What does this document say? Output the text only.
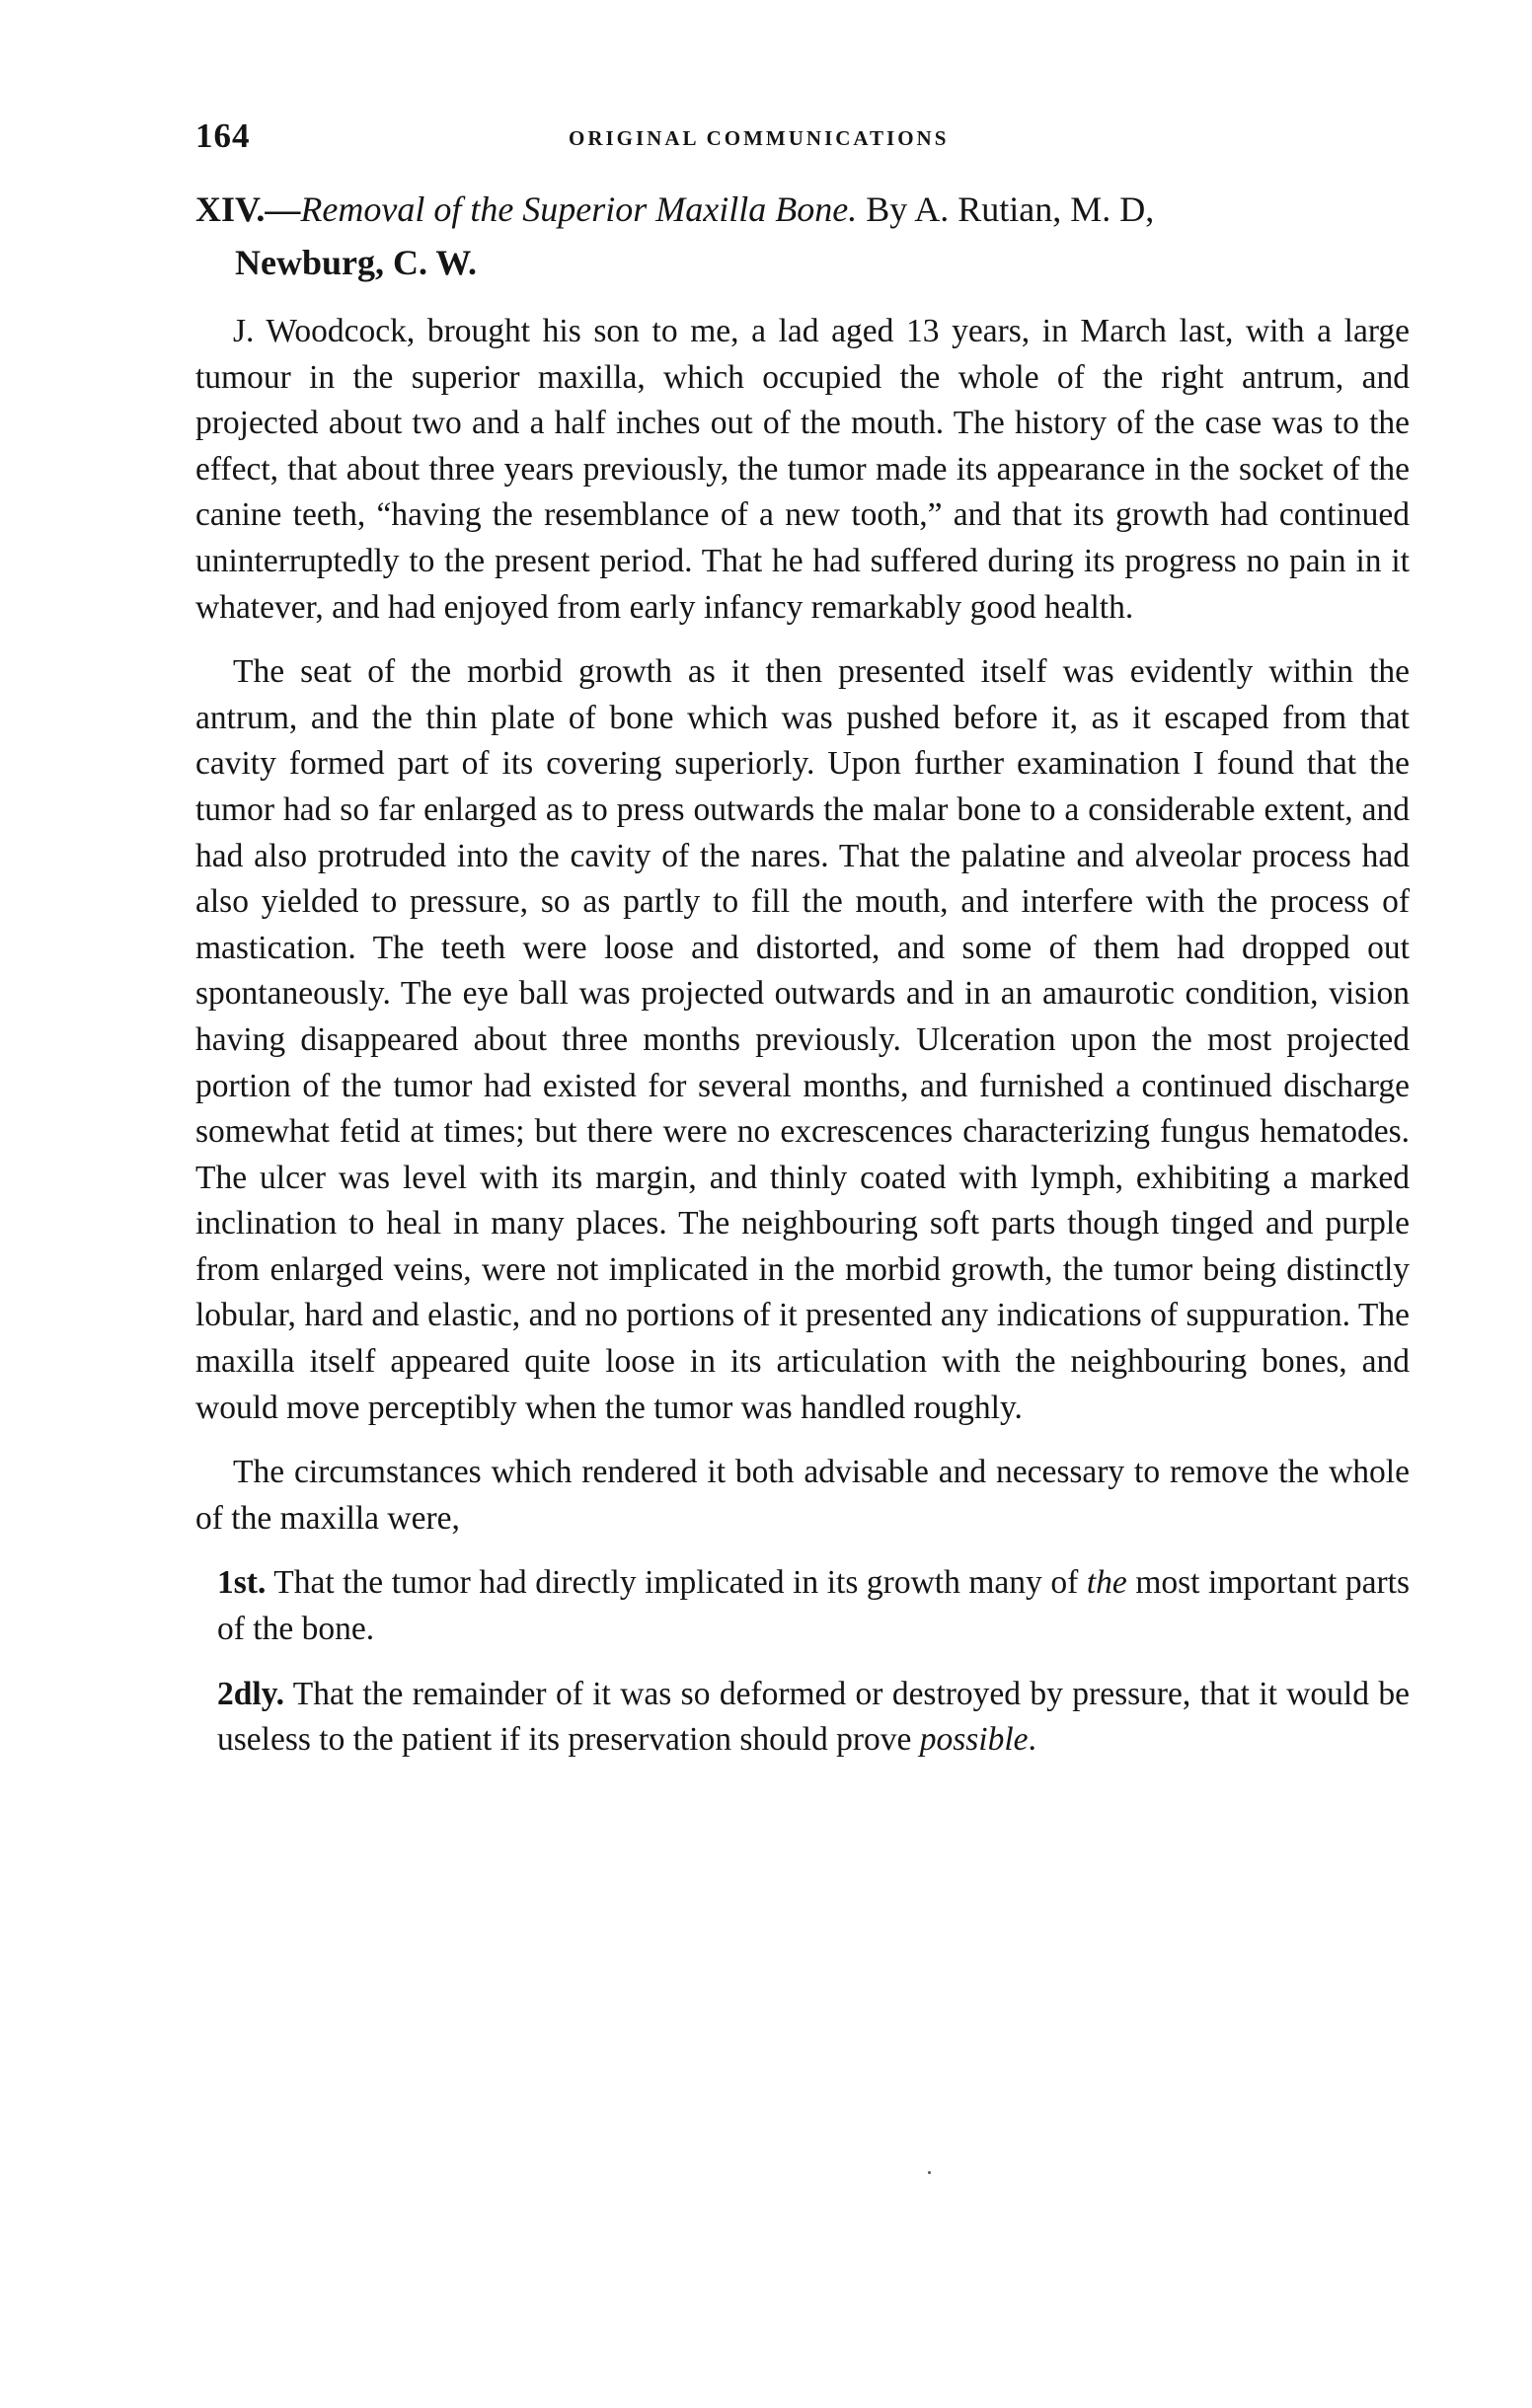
164	ORIGINAL COMMUNICATIONS
XIV.—Removal of the Superior Maxilla Bone. By A. Rutian, M. D,
Newburg, C. W.

J. Woodcock, brought his son to me, a lad aged 13 years, in March last, with a large tumour in the superior maxilla, which occupied the whole of the right antrum, and projected about two and a half inches out of the mouth. The history of the case was to the effect, that about three years previously, the tumor made its appearance in the socket of the canine teeth, “having the resemblance of a new tooth,” and that its growth had continued uninterruptedly to the present period. That he had suffered during its progress no pain in it whatever, and had enjoyed from early infancy remarkably good health.

The seat of the morbid growth as it then presented itself was evidently within the antrum, and the thin plate of bone which was pushed before it, as it escaped from that cavity formed part of its covering superiorly. Upon further examination I found that the tumor had so far enlarged as to press outwards the malar bone to a considerable extent, and had also protruded into the cavity of the nares. That the palatine and alveolar process had also yielded to pressure, so as partly to fill the mouth, and interfere with the process of mastication. The teeth were loose and distorted, and some of them had dropped out spontaneously. The eye ball was projected outwards and in an amaurotic condition, vision having disappeared about three months previously. Ulceration upon the most projected portion of the tumor had existed for several months, and furnished a continued discharge somewhat fetid at times; but there were no excrescences characterizing fungus hematodes. The ulcer was level with its margin, and thinly coated with lymph, exhibiting a marked inclination to heal in many places. The neighbouring soft parts though tinged and purple from enlarged veins, were not implicated in the morbid growth, the tumor being distinctly lobular, hard and elastic, and no portions of it presented any indications of suppuration. The maxilla itself appeared quite loose in its articulation with the neighbouring bones, and would move perceptibly when the tumor was handled roughly.

The circumstances which rendered it both advisable and necessary to remove the whole of the maxilla were,

1st. That the tumor had directly implicated in its growth many of the most important parts of the bone.

2dly. That the remainder of it was so deformed or destroyed by pressure, that it would be useless to the patient if its preservation should prove possible.
